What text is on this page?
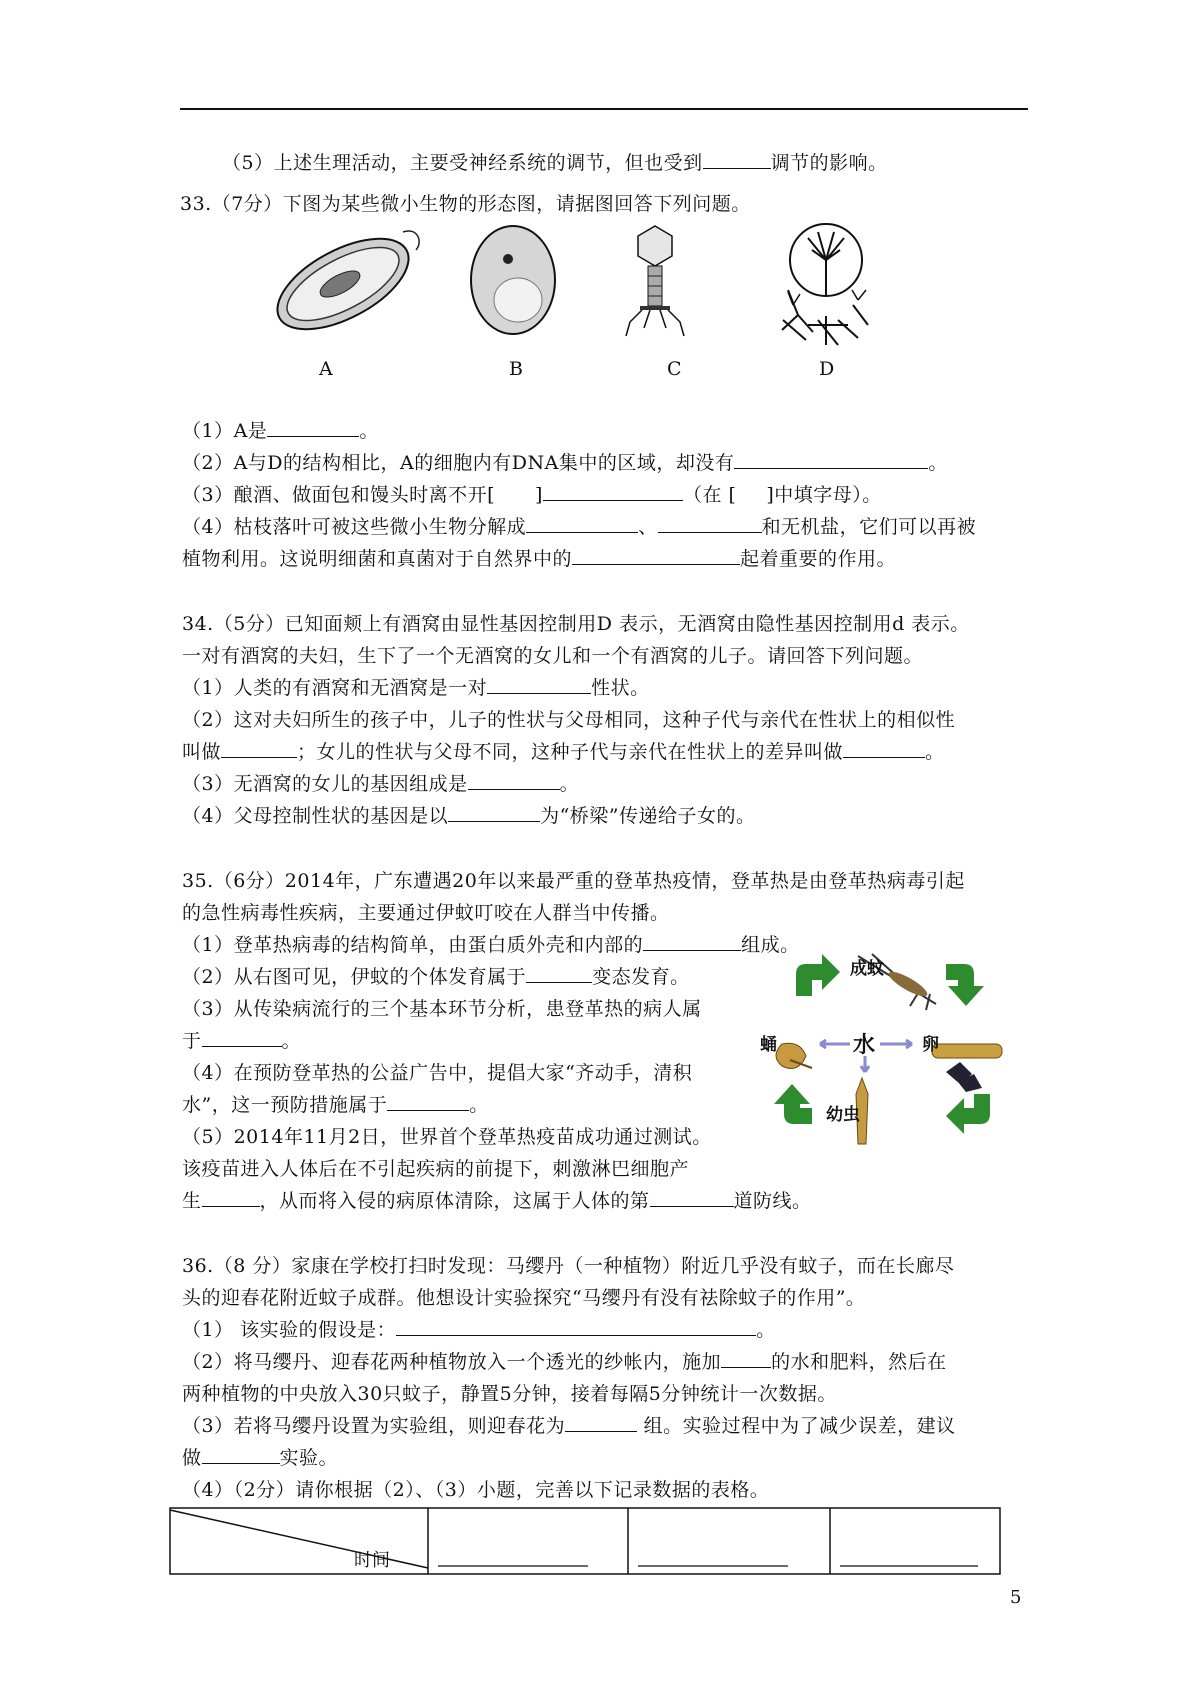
（5）上述生理活动，主要受神经系统的调节，但也受到	调节的影响。
33.（7分）下图为某些微小生物的形态图，请据图回答下列问题。
A	B	C	D
（1）A是	。
（2）A与D的结构相比，A的细胞内有DNA集中的区域，却没有	。
（3）酿酒、做面包和馒头时离不开[ ]	（在 [ ]中填字母）。
（4）枯枝落叶可被这些微小生物分解成	、	和无机盐，它们可以再被
植物利用。这说明细菌和真菌对于自然界中的	起着重要的作用。
34.（5分）已知面颊上有酒窝由显性基因控制用D 表示，无酒窝由隐性基因控制用d 表示。
一对有酒窝的夫妇，生下了一个无酒窝的女儿和一个有酒窝的儿子。请回答下列问题。
（1）人类的有酒窝和无酒窝是一对	性状。
（2）这对夫妇所生的孩子中，儿子的性状与父母相同，这种子代与亲代在性状上的相似性
叫做	；女儿的性状与父母不同，这种子代与亲代在性状上的差异叫做	。
（3）无酒窝的女儿的基因组成是	。
（4）父母控制性状的基因是以	为“桥梁”传递给子女的。
35.（6分）2014年，广东遭遇20年以来最严重的登革热疫情，登革热是由登革热病毒引起
的急性病毒性疾病，主要通过伊蚊叮咬在人群当中传播。
（1）登革热病毒的结构简单，由蛋白质外壳和内部的	组成。
（2）从右图可见，伊蚊的个体发育属于	变态发育。
（3）从传染病流行的三个基本环节分析，患登革热的病人属
于	。
（4）在预防登革热的公益广告中，提倡大家“齐动手，清积
水”，这一预防措施属于	。
（5）2014年11月2日，世界首个登革热疫苗成功通过测试。
该疫苗进入人体后在不引起疾病的前提下，刺激淋巴细胞产
生	，从而将入侵的病原体清除，这属于人体的第	道防线。
成蚊
卵
幼虫
蛹	水
36.（8 分）家康在学校打扫时发现：马缨丹（一种植物）附近几乎没有蚊子，而在长廊尽
头的迎春花附近蚊子成群。他想设计实验探究“马缨丹有没有祛除蚊子的作用”。
（1） 该实验的假设是：	。
（2）将马缨丹、迎春花两种植物放入一个透光的纱帐内，施加	的水和肥料，然后在
两种植物的中央放入30只蚊子，静置5分钟，接着每隔5分钟统计一次数据。
（3）若将马缨丹设置为实验组，则迎春花为	组。实验过程中为了减少误差，建议
做	实验。
（4）（2分）请你根据（2）、（3）小题，完善以下记录数据的表格。
时间
5
